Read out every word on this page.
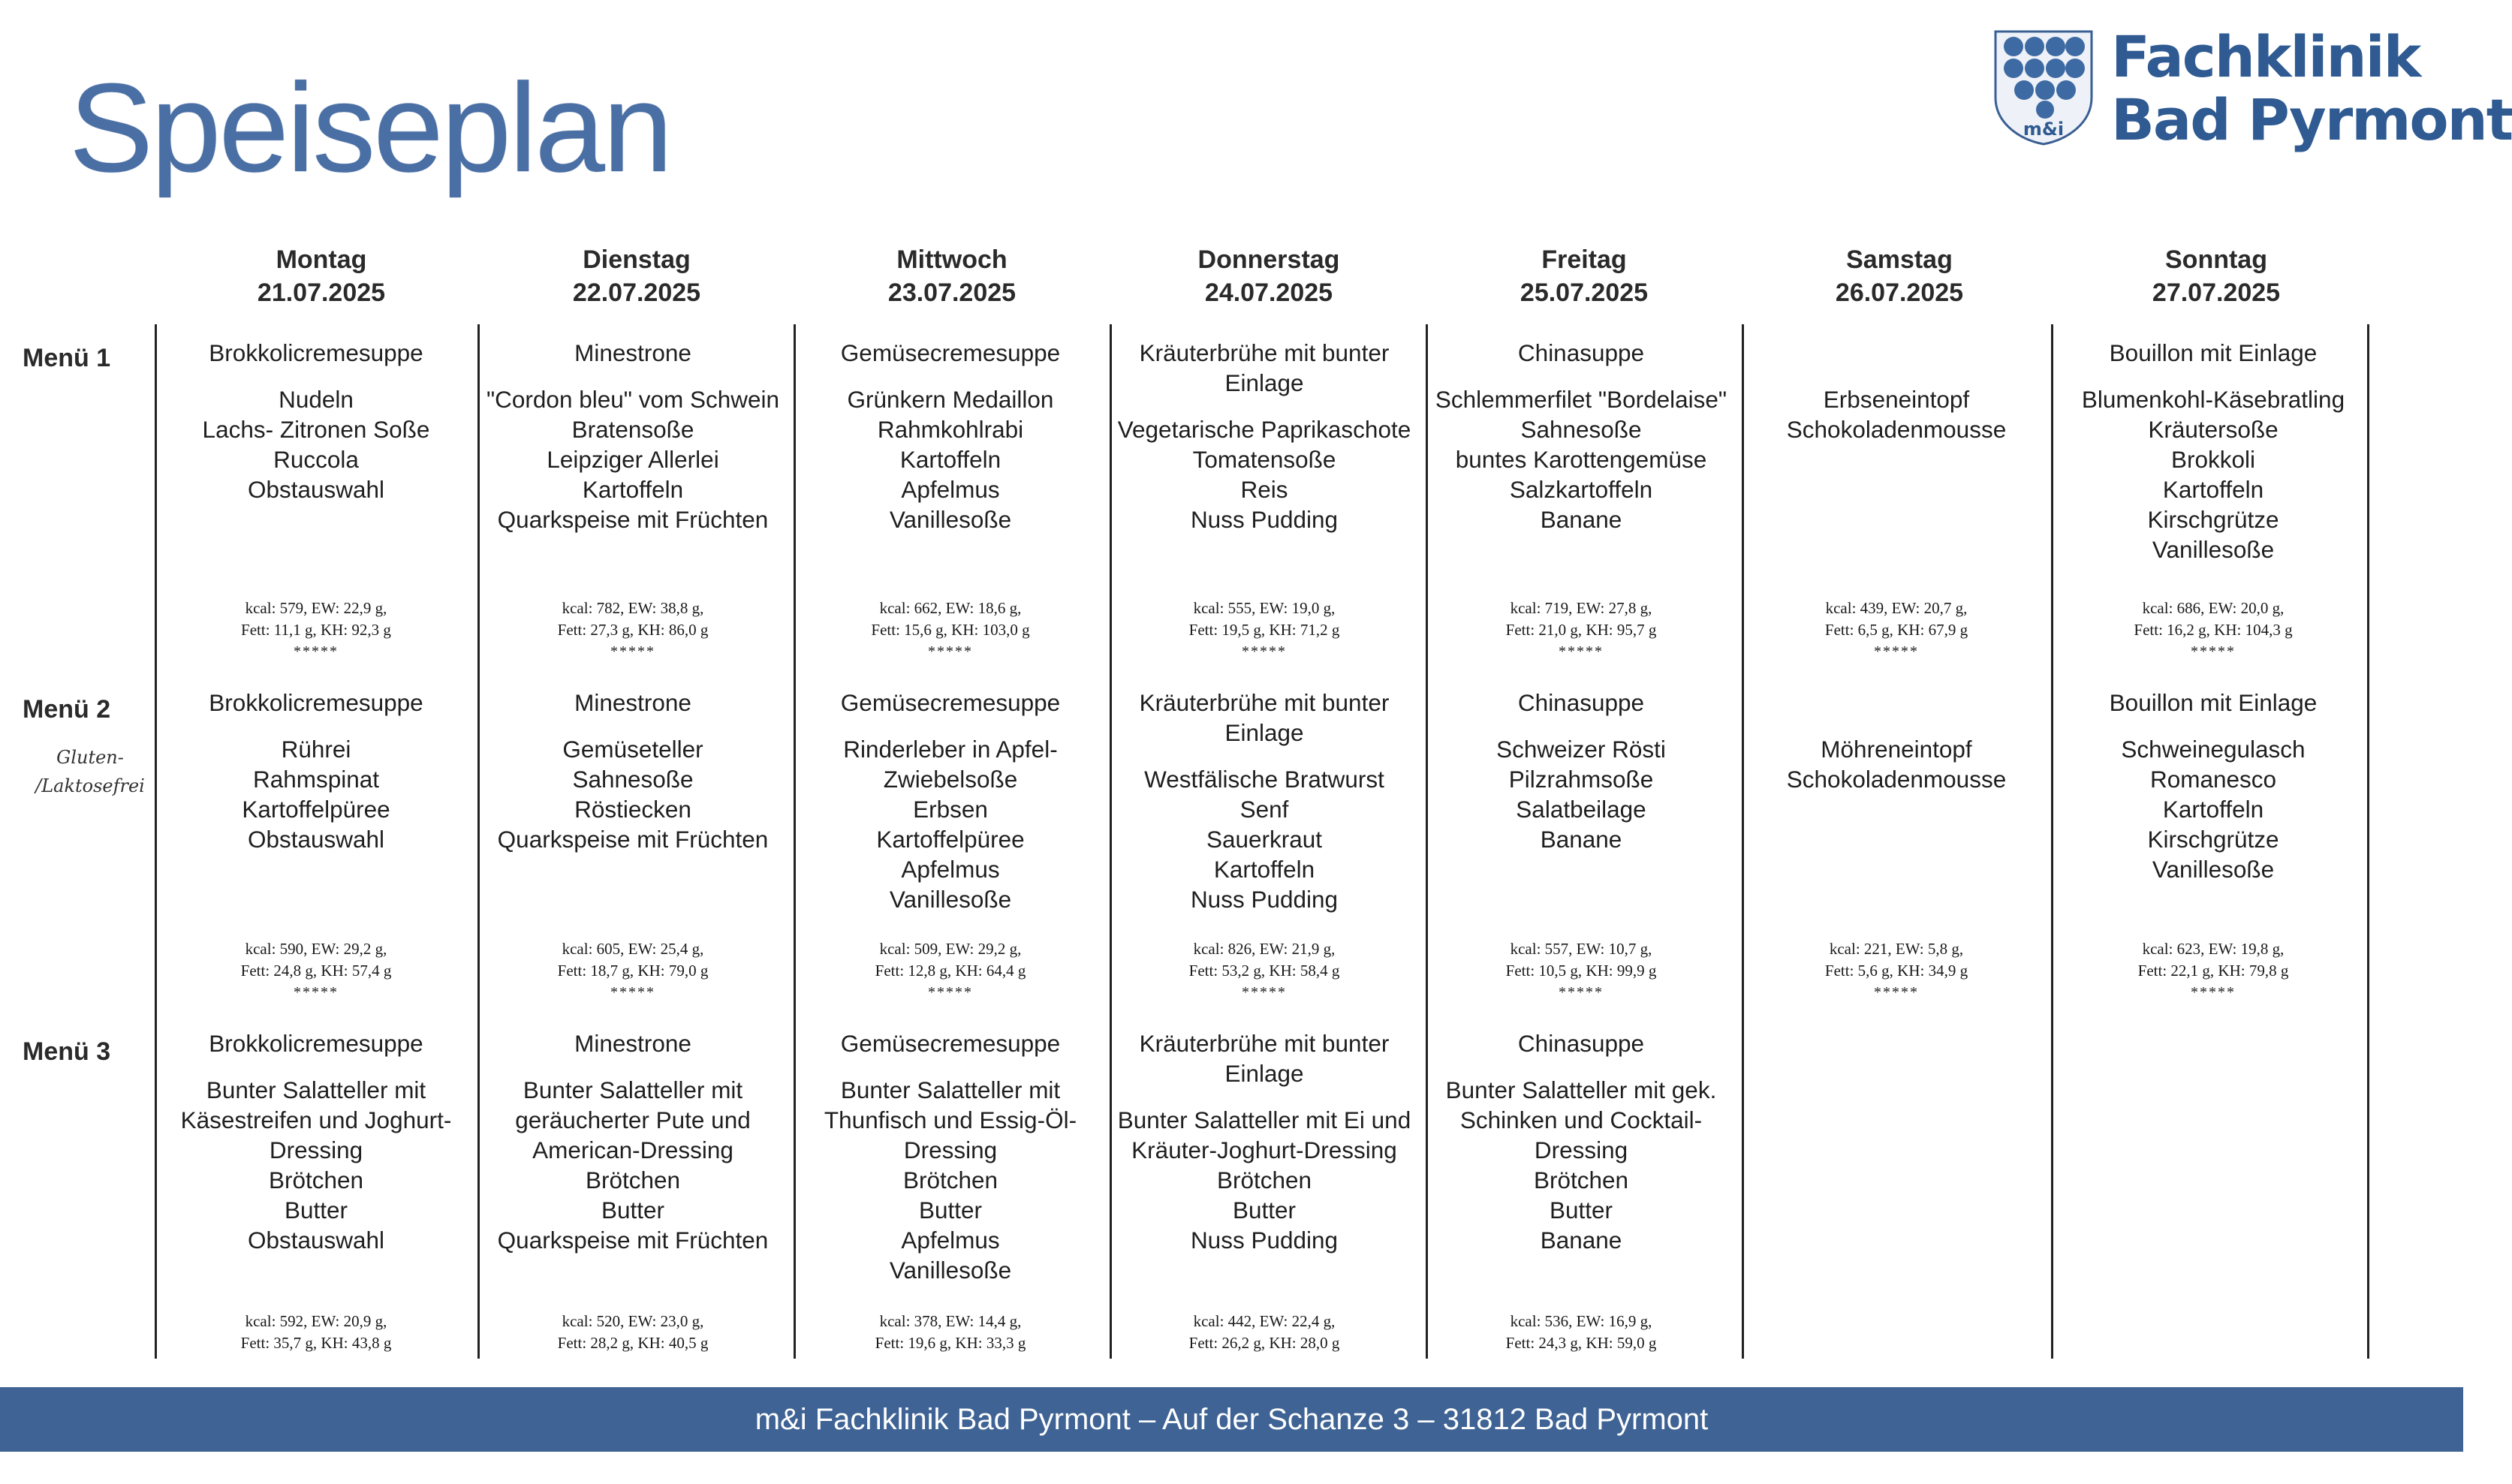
Speiseplan	m&i
Fachklinik
Bad Pyrmont
Montag
21.07.2025
Dienstag
22.07.2025
Mittwoch
23.07.2025
Donnerstag
24.07.2025
Freitag
25.07.2025
Samstag
26.07.2025
Sonntag
27.07.2025
Menü 1
Menü 2
Gluten- /Laktosefrei
Menü 3
Brokkolicremesuppe
Nudeln
Lachs- Zitronen Soße
Ruccola
Obstauswahl
kcal: 579, EW: 22,9 g,
Fett: 11,1 g, KH: 92,3 g
*****
Minestrone
"Cordon bleu" vom Schwein
Bratensoße
Leipziger Allerlei
Kartoffeln
Quarkspeise mit Früchten
kcal: 782, EW: 38,8 g,
Fett: 27,3 g, KH: 86,0 g
*****
Gemüsecremesuppe
Grünkern Medaillon
Rahmkohlrabi
Kartoffeln
Apfelmus
Vanillesoße
kcal: 662, EW: 18,6 g,
Fett: 15,6 g, KH: 103,0 g
*****
Kräuterbrühe mit bunter Einlage
Vegetarische Paprikaschote
Tomatensoße
Reis
Nuss Pudding
kcal: 555, EW: 19,0 g,
Fett: 19,5 g, KH: 71,2 g
*****
Chinasuppe
Schlemmerfilet "Bordelaise"
Sahnesoße
buntes Karottengemüse
Salzkartoffeln
Banane
kcal: 719, EW: 27,8 g,
Fett: 21,0 g, KH: 95,7 g
*****
Erbseneintopf
Schokoladenmousse
kcal: 439, EW: 20,7 g,
Fett: 6,5 g, KH: 67,9 g
*****
Bouillon mit Einlage
Blumenkohl-Käsebratling
Kräutersoße
Brokkoli
Kartoffeln
Kirschgrütze
Vanillesoße
kcal: 686, EW: 20,0 g,
Fett: 16,2 g, KH: 104,3 g
*****
Brokkolicremesuppe
Rührei
Rahmspinat
Kartoffelpüree
Obstauswahl
kcal: 590, EW: 29,2 g,
Fett: 24,8 g, KH: 57,4 g
*****
Minestrone
Gemüseteller
Sahnesoße
Röstiecken
Quarkspeise mit Früchten
kcal: 605, EW: 25,4 g,
Fett: 18,7 g, KH: 79,0 g
*****
Gemüsecremesuppe
Rinderleber in Apfel-
Zwiebelsoße
Erbsen
Kartoffelpüree
Apfelmus
Vanillesoße
kcal: 509, EW: 29,2 g,
Fett: 12,8 g, KH: 64,4 g
*****
Kräuterbrühe mit bunter Einlage
Westfälische Bratwurst
Senf
Sauerkraut
Kartoffeln
Nuss Pudding
kcal: 826, EW: 21,9 g,
Fett: 53,2 g, KH: 58,4 g
*****
Chinasuppe
Schweizer Rösti
Pilzrahmsoße
Salatbeilage
Banane
kcal: 557, EW: 10,7 g,
Fett: 10,5 g, KH: 99,9 g
*****
Möhreneintopf
Schokoladenmousse
kcal: 221, EW: 5,8 g,
Fett: 5,6 g, KH: 34,9 g
*****
Bouillon mit Einlage
Schweinegulasch
Romanesco
Kartoffeln
Kirschgrütze
Vanillesoße
kcal: 623, EW: 19,8 g,
Fett: 22,1 g, KH: 79,8 g
*****
Brokkolicremesuppe
Bunter Salatteller mit
Käsestreifen und Joghurt-
Dressing
Brötchen
Butter
Obstauswahl
kcal: 592, EW: 20,9 g,
Fett: 35,7 g, KH: 43,8 g
Minestrone
Bunter Salatteller mit
geräucherter Pute und
American-Dressing
Brötchen
Butter
Quarkspeise mit Früchten
kcal: 520, EW: 23,0 g,
Fett: 28,2 g, KH: 40,5 g
Gemüsecremesuppe
Bunter Salatteller mit
Thunfisch und Essig-Öl-
Dressing
Brötchen
Butter
Apfelmus
Vanillesoße
kcal: 378, EW: 14,4 g,
Fett: 19,6 g, KH: 33,3 g
Kräuterbrühe mit bunter Einlage
Bunter Salatteller mit Ei und
Kräuter-Joghurt-Dressing
Brötchen
Butter
Nuss Pudding
kcal: 442, EW: 22,4 g,
Fett: 26,2 g, KH: 28,0 g
Chinasuppe
Bunter Salatteller mit gek.
Schinken und Cocktail-
Dressing
Brötchen
Butter
Banane
kcal: 536, EW: 16,9 g,
Fett: 24,3 g, KH: 59,0 g
m&i Fachklinik Bad Pyrmont – Auf der Schanze 3 – 31812 Bad Pyrmont
